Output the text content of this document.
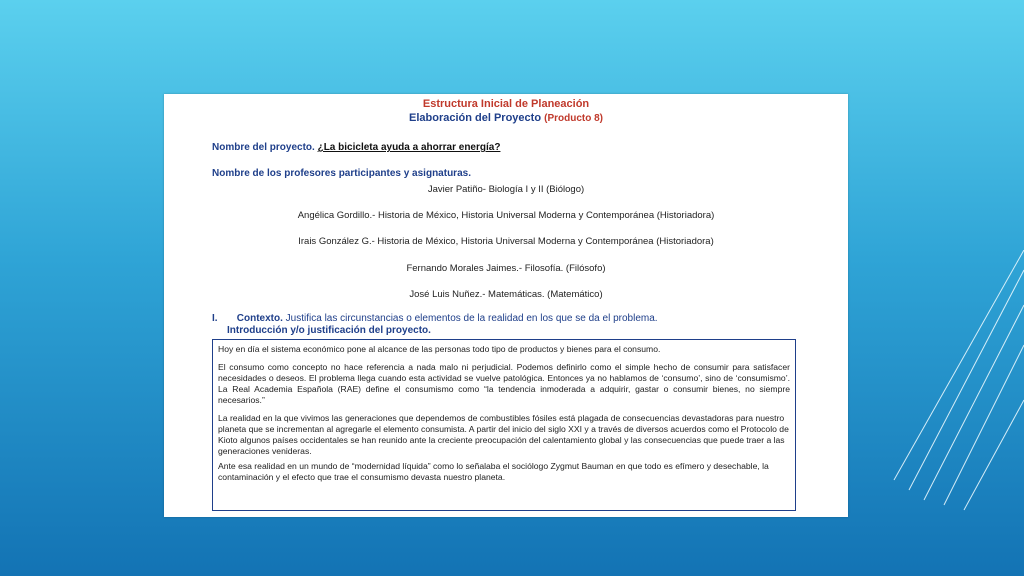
Estructura Inicial de Planeación
Elaboración del Proyecto (Producto 8)
Nombre del proyecto. ¿La bicicleta ayuda a ahorrar energía?
Nombre de los profesores participantes y asignaturas.
Javier Patiño- Biología I y II (Biólogo)
Angélica Gordillo.- Historia de México, Historia Universal Moderna y Contemporánea (Historiadora)
Irais González G.- Historia de México, Historia Universal Moderna y Contemporánea (Historiadora)
Fernando Morales Jaimes.- Filosofía. (Filósofo)
José Luis Nuñez.- Matemáticas. (Matemático)
I. Contexto. Justifica las circunstancias o elementos de la realidad en los que se da el problema.
Introducción y/o justificación del proyecto.

Hoy en día el sistema económico pone al alcance de las personas todo tipo de productos y bienes para el consumo.

El consumo como concepto no hace referencia a nada malo ni perjudicial. Podemos definirlo como el simple hecho de consumir para satisfacer necesidades o deseos. El problema llega cuando esta actividad se vuelve patológica. Entonces ya no hablamos de ‘consumo’, sino de ‘consumismo’. La Real Academia Española (RAE) define el consumismo como “la tendencia inmoderada a adquirir, gastar o consumir bienes, no siempre necesarios.”

La realidad en la que vivimos las generaciones que dependemos de combustibles fósiles está plagada de consecuencias devastadoras para nuestro planeta que se incrementan al agregarle el elemento consumista. A partir del inicio del siglo XXI y a través de diversos acuerdos como el Protocolo de Kioto algunos países occidentales se han reunido ante la creciente preocupación del calentamiento global y las consecuencias que puede traer a las generaciones venideras.

Ante esa realidad en un mundo de “modernidad líquida” como lo señalaba el sociólogo Zygmut Bauman en que todo es efímero y desechable, la contaminación y el efecto que trae el consumismo devasta nuestro planeta.
